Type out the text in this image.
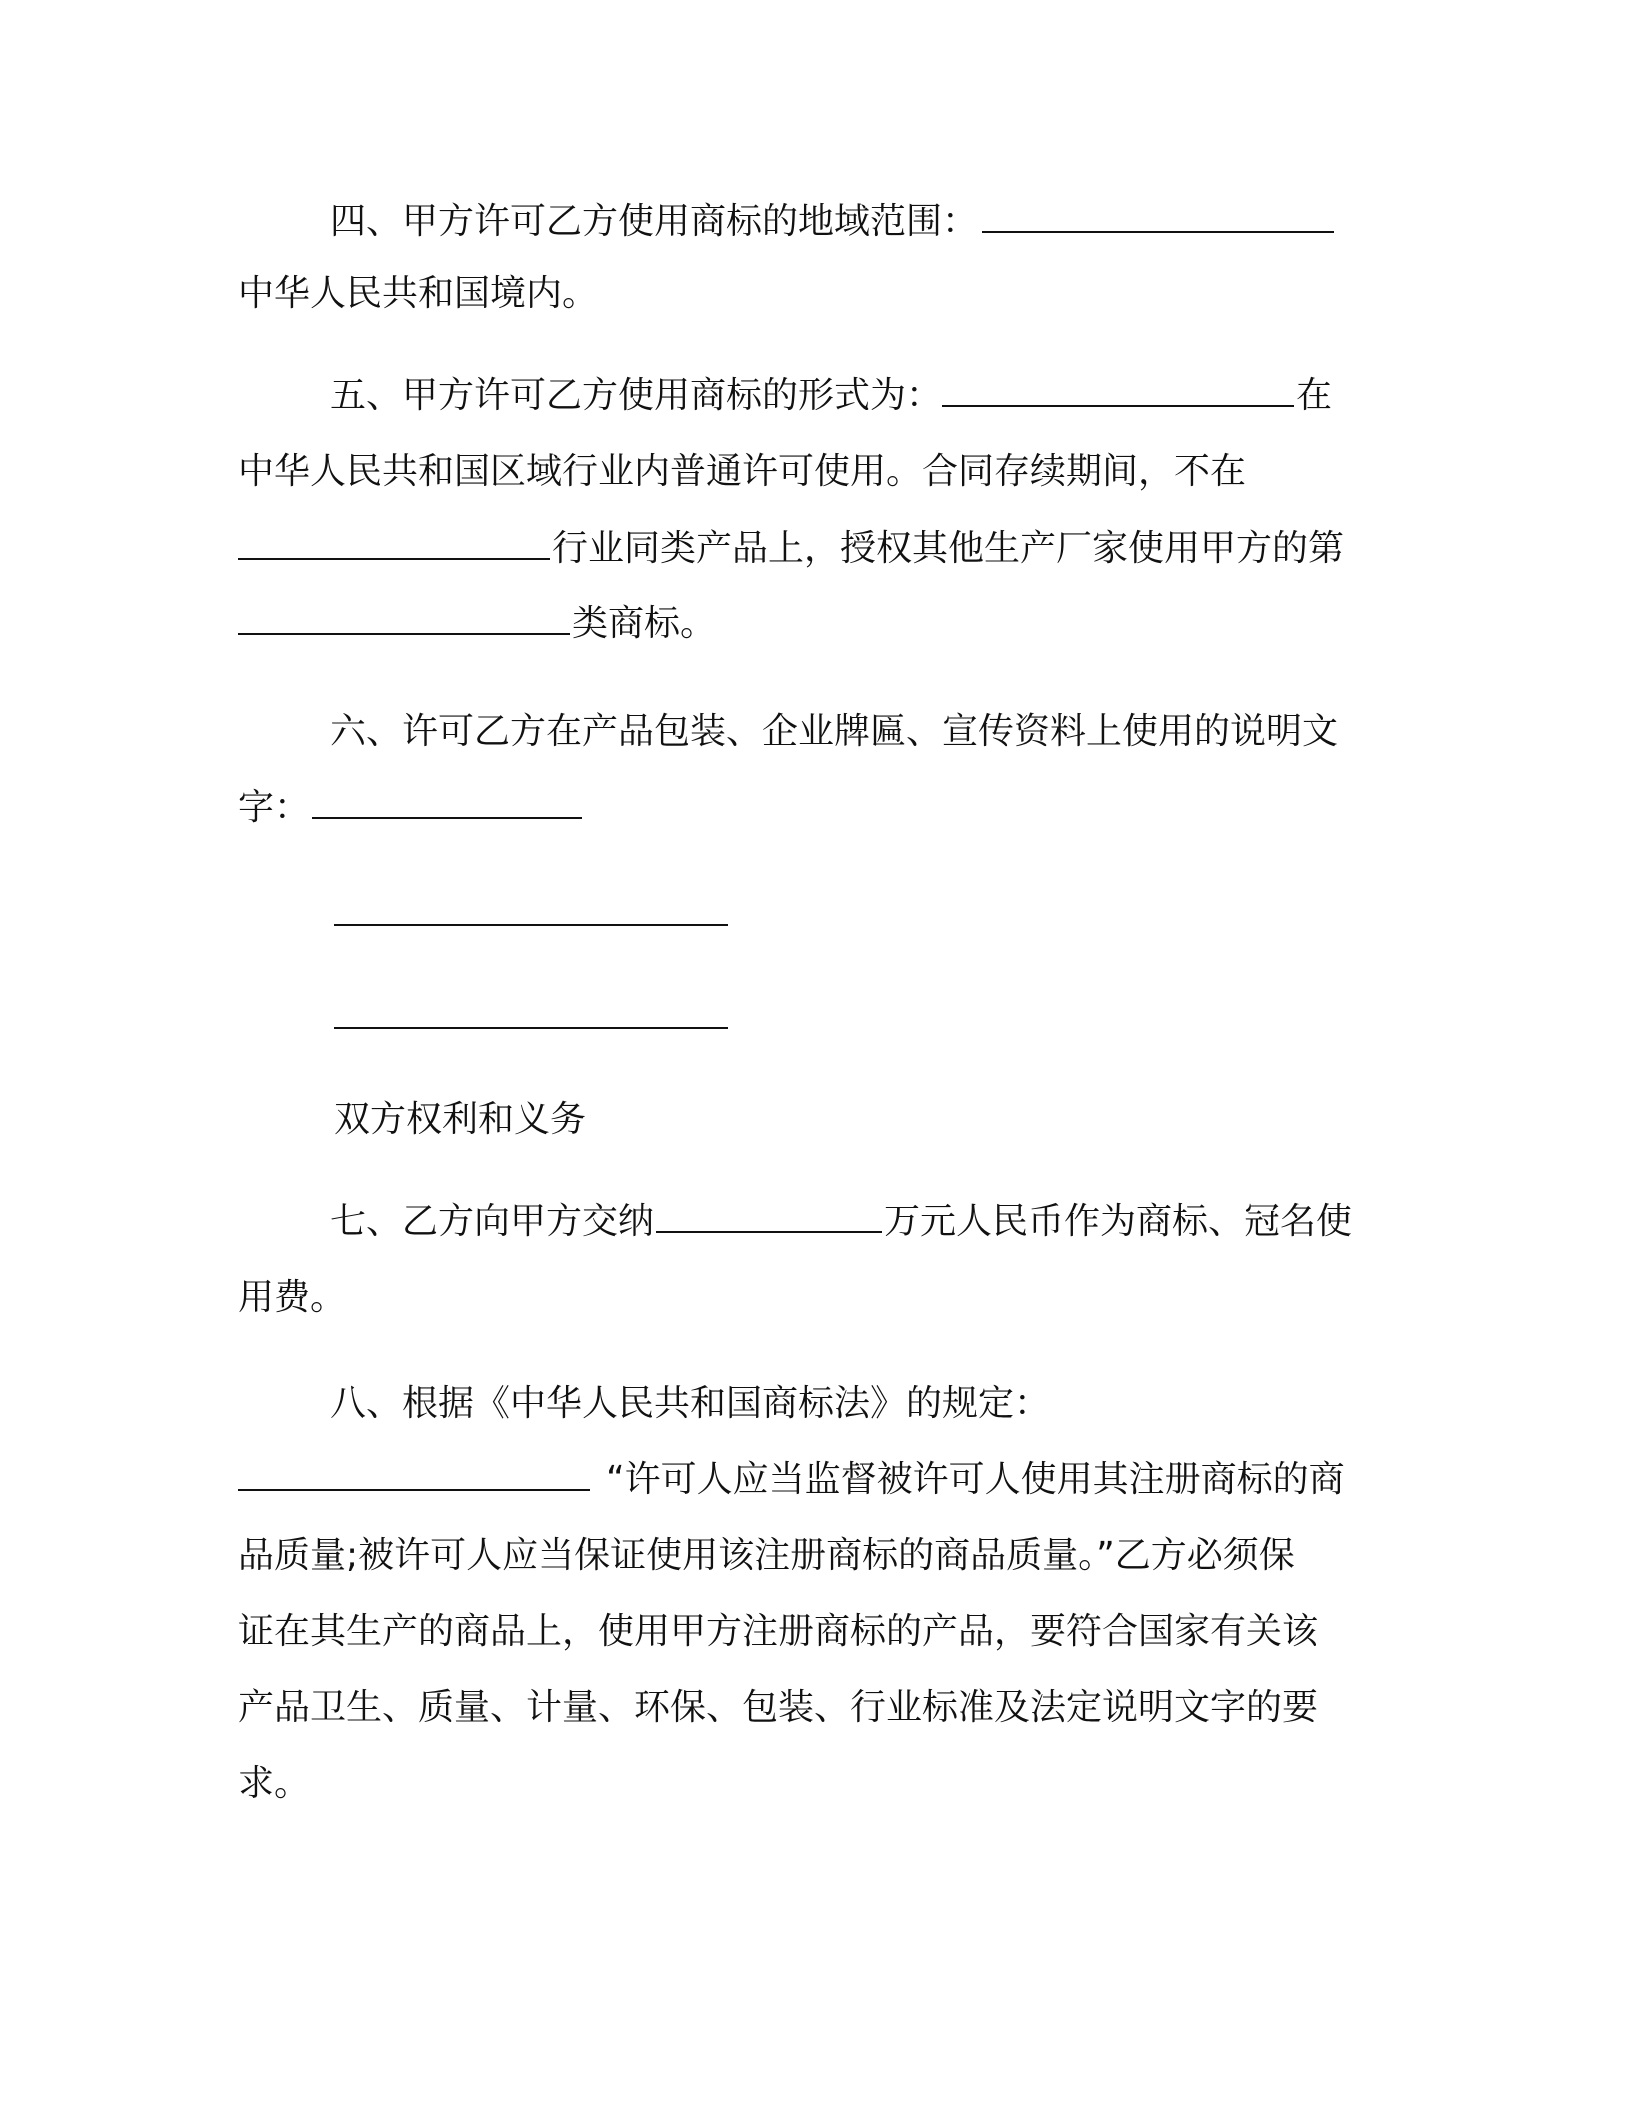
四、甲方许可乙方使用商标的地域范围：
中华人民共和国境内。
五、甲方许可乙方使用商标的形式为：	在
中华人民共和国区域行业内普通许可使用。合同存续期间，不在
行业同类产品上，授权其他生产厂家使用甲方的第
类商标。
六、许可乙方在产品包装、企业牌匾、宣传资料上使用的说明文
字：
双方权利和义务
七、乙方向甲方交纳	万元人民币作为商标、冠名使
用费。
八、根据《中华人民共和国商标法》的规定：
“许可人应当监督被许可人使用其注册商标的商
品质量;被许可人应当保证使用该注册商标的商品质量。”乙方必须保
证在其生产的商品上，使用甲方注册商标的产品，要符合国家有关该
产品卫生、质量、计量、环保、包装、行业标准及法定说明文字的要
求。
